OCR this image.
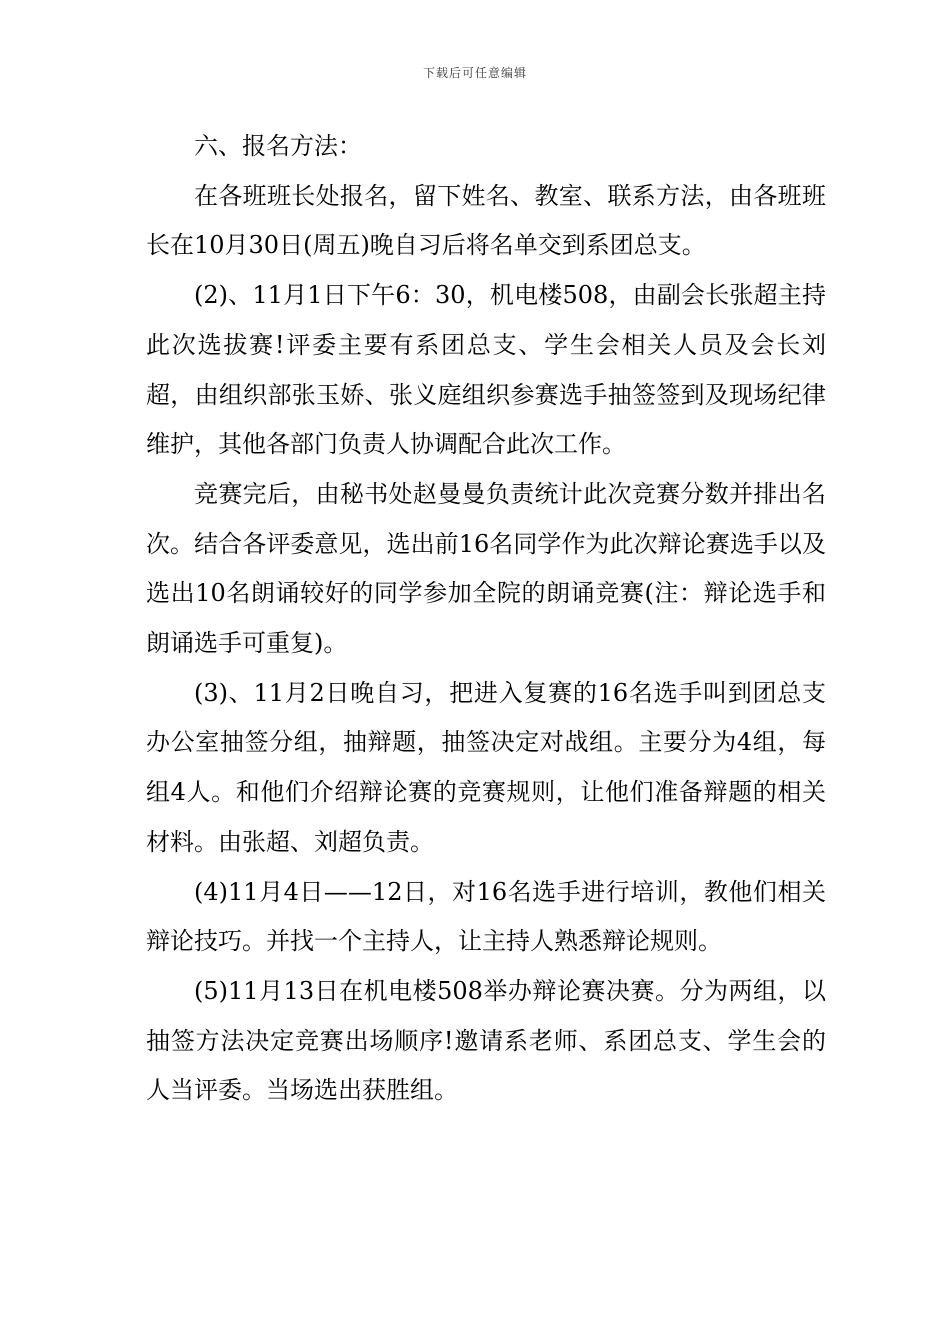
下载后可任意编辑

六、报名方法：

在各班班长处报名，留下姓名、教室、联系方法，由各班班长在10月30日(周五)晚自习后将名单交到系团总支。

(2)、11月1日下午6：30，机电楼508，由副会长张超主持此次选拔赛!评委主要有系团总支、学生会相关人员及会长刘超，由组织部张玉娇、张义庭组织参赛选手抽签签到及现场纪律维护，其他各部门负责人协调配合此次工作。

竞赛完后，由秘书处赵曼曼负责统计此次竞赛分数并排出名次。结合各评委意见，选出前16名同学作为此次辩论赛选手以及选出10名朗诵较好的同学参加全院的朗诵竞赛(注：辩论选手和朗诵选手可重复)。

(3)、11月2日晚自习，把进入复赛的16名选手叫到团总支办公室抽签分组，抽辩题，抽签决定对战组。主要分为4组，每组4人。和他们介绍辩论赛的竞赛规则，让他们准备辩题的相关材料。由张超、刘超负责。

(4)11月4日——12日，对16名选手进行培训，教他们相关辩论技巧。并找一个主持人，让主持人熟悉辩论规则。

(5)11月13日在机电楼508举办辩论赛决赛。分为两组，以抽签方法决定竞赛出场顺序!邀请系老师、系团总支、学生会的人当评委。当场选出获胜组。
